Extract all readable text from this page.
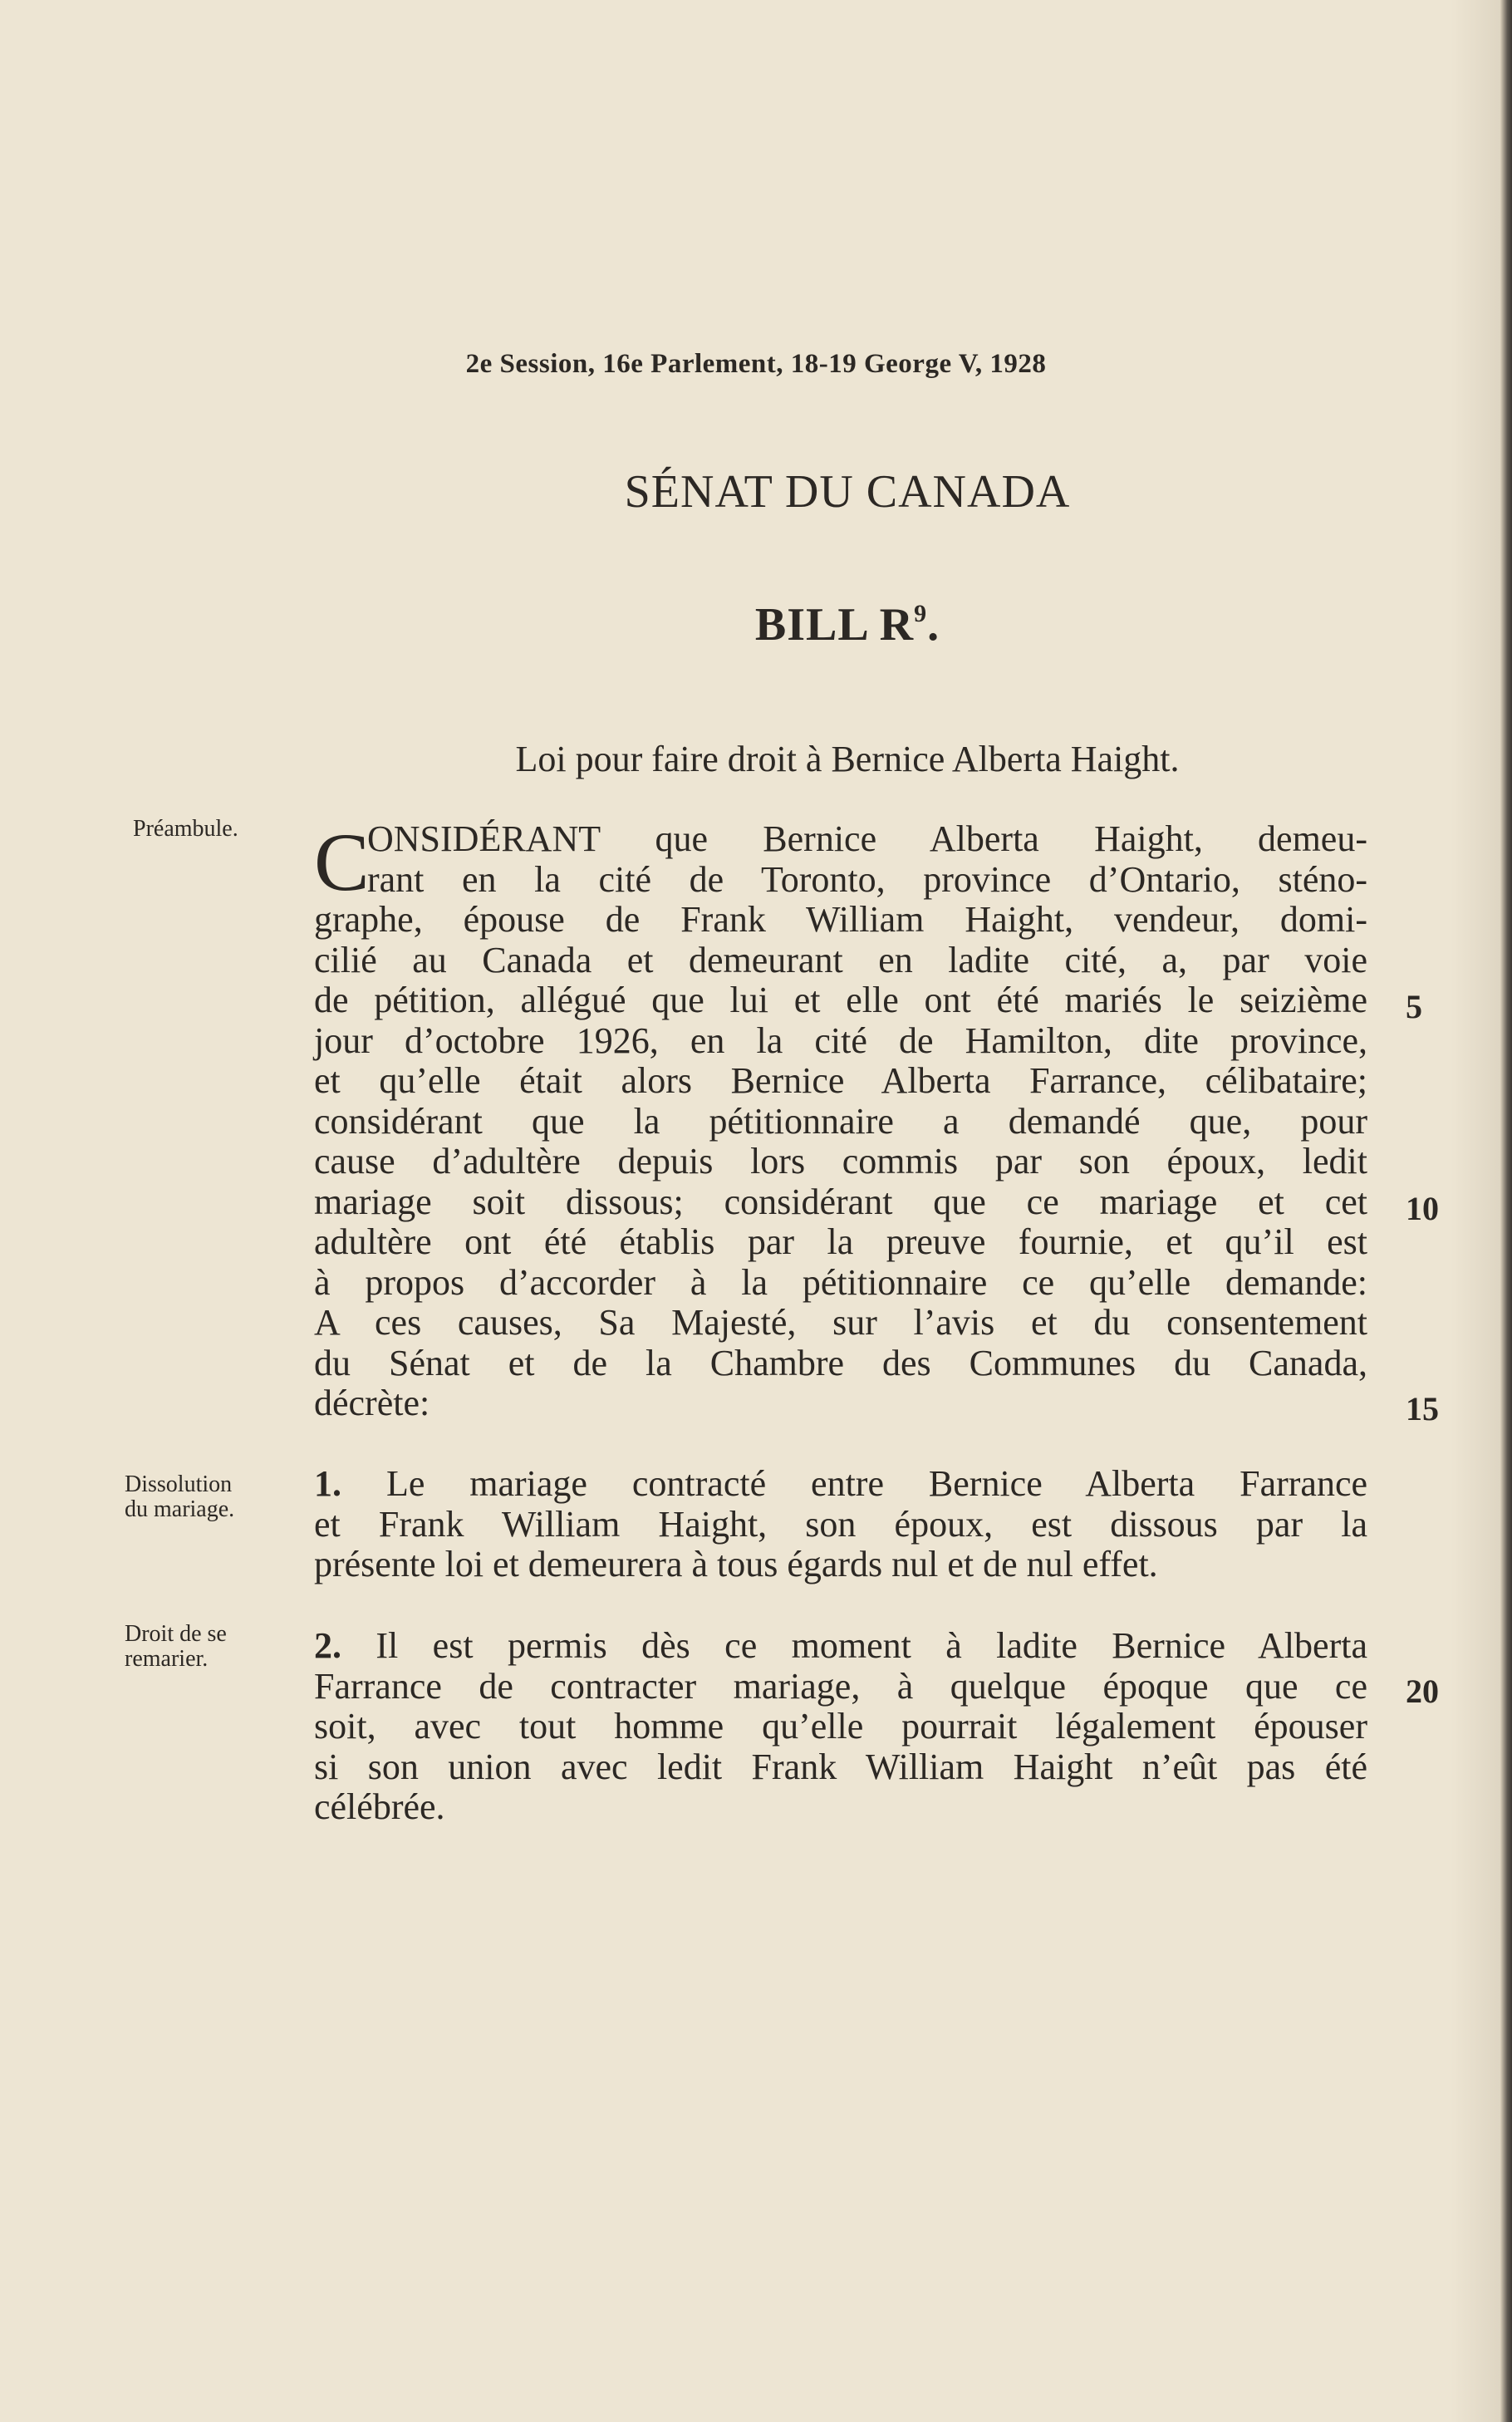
2e Session, 16e Parlement, 18-19 George V, 1928
SÉNAT DU CANADA
BILL $R^9$.
Loi pour faire droit à Bernice Alberta Haight.
Préambule.
Dissolution
du mariage.
Droit de se
remarier.
C
ONSIDÉRANT que Bernice Alberta Haight, demeu-
rant en la cité de Toronto, province d’Ontario, sténo-
graphe, épouse de Frank William Haight, vendeur, domi-
cilié au Canada et demeurant en ladite cité, a, par voie
de pétition, allégué que lui et elle ont été mariés le seizième
jour d’octobre 1926, en la cité de Hamilton, dite province,
et qu’elle était alors Bernice Alberta Farrance, célibataire;
considérant que la pétitionnaire a demandé que, pour
cause d’adultère depuis lors commis par son époux, ledit
mariage soit dissous; considérant que ce mariage et cet
adultère ont été établis par la preuve fournie, et qu’il est
à propos d’accorder à la pétitionnaire ce qu’elle demande:
A ces causes, Sa Majesté, sur l’avis et du consentement
du Sénat et de la Chambre des Communes du Canada,
décrète:
1. Le mariage contracté entre Bernice Alberta Farrance
et Frank William Haight, son époux, est dissous par la
présente loi et demeurera à tous égards nul et de nul effet.
2. Il est permis dès ce moment à ladite Bernice Alberta
Farrance de contracter mariage, à quelque époque que ce
soit, avec tout homme qu’elle pourrait légalement épouser
si son union avec ledit Frank William Haight n’eût pas été
célébrée.
5
10
15
20
